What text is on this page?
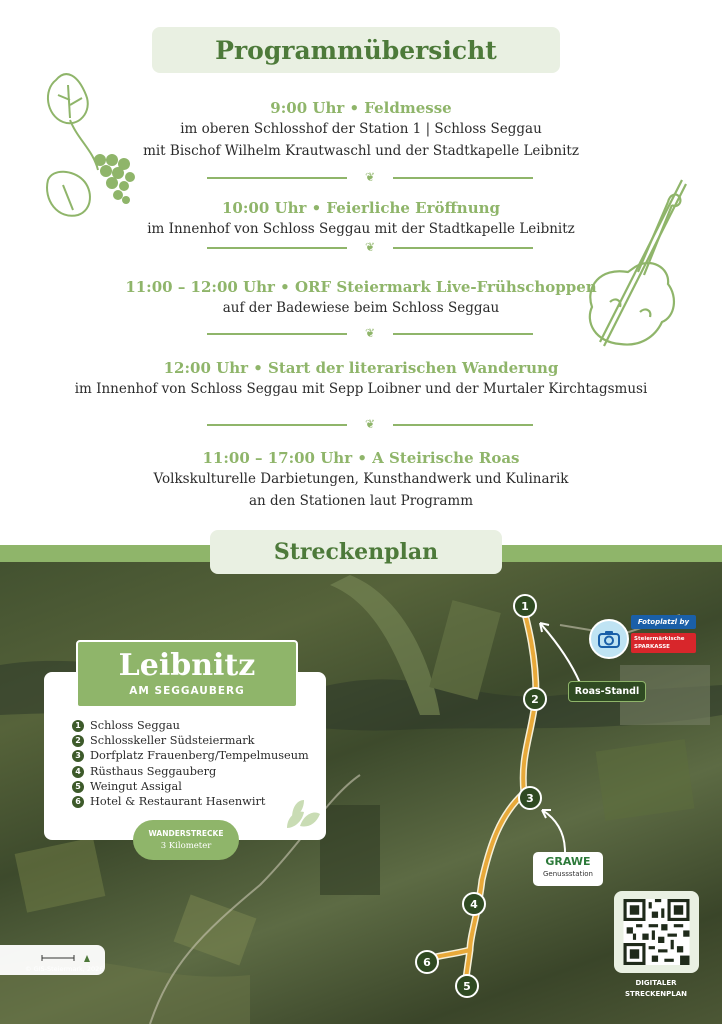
Programmübersicht
9:00 Uhr • Feldmesse
im oberen Schlosshof der Station 1 | Schloss Seggau
mit Bischof Wilhelm Krautwaschl und der Stadtkapelle Leibnitz
❦
10:00 Uhr • Feierliche Eröffnung
im Innenhof von Schloss Seggau mit der Stadtkapelle Leibnitz
❦
11:00 – 12:00 Uhr • ORF Steiermark Live-Frühschoppen
auf der Badewiese beim Schloss Seggau
❦
12:00 Uhr • Start der literarischen Wanderung
im Innenhof von Schloss Seggau mit Sepp Loibner und der Murtaler Kirchtagsmusi
❦
11:00 – 17:00 Uhr • A Steirische Roas
Volkskulturelle Darbietungen, Kunsthandwerk und Kulinarik
an den Stationen laut Programm
Streckenplan
Leibnitz
AM SEGGAUBERG
1 Schloss Seggau
2 Schlosskeller Südsteiermark
3 Dorfplatz Frauenberg/Tempelmuseum
4 Rüsthaus Seggauberg
5 Weingut Assigal
6 Hotel & Restaurant Hasenwirt
WANDERSTRECKE
3 Kilometer
1
2
3
4
5
6
Roas-Standl
Fotoplatzl by
Steiermärkische SPARKASSE
GRAWE
Genussstation
DIGITALER
STRECKENPLAN
© GIS-Steiermark, 2026
